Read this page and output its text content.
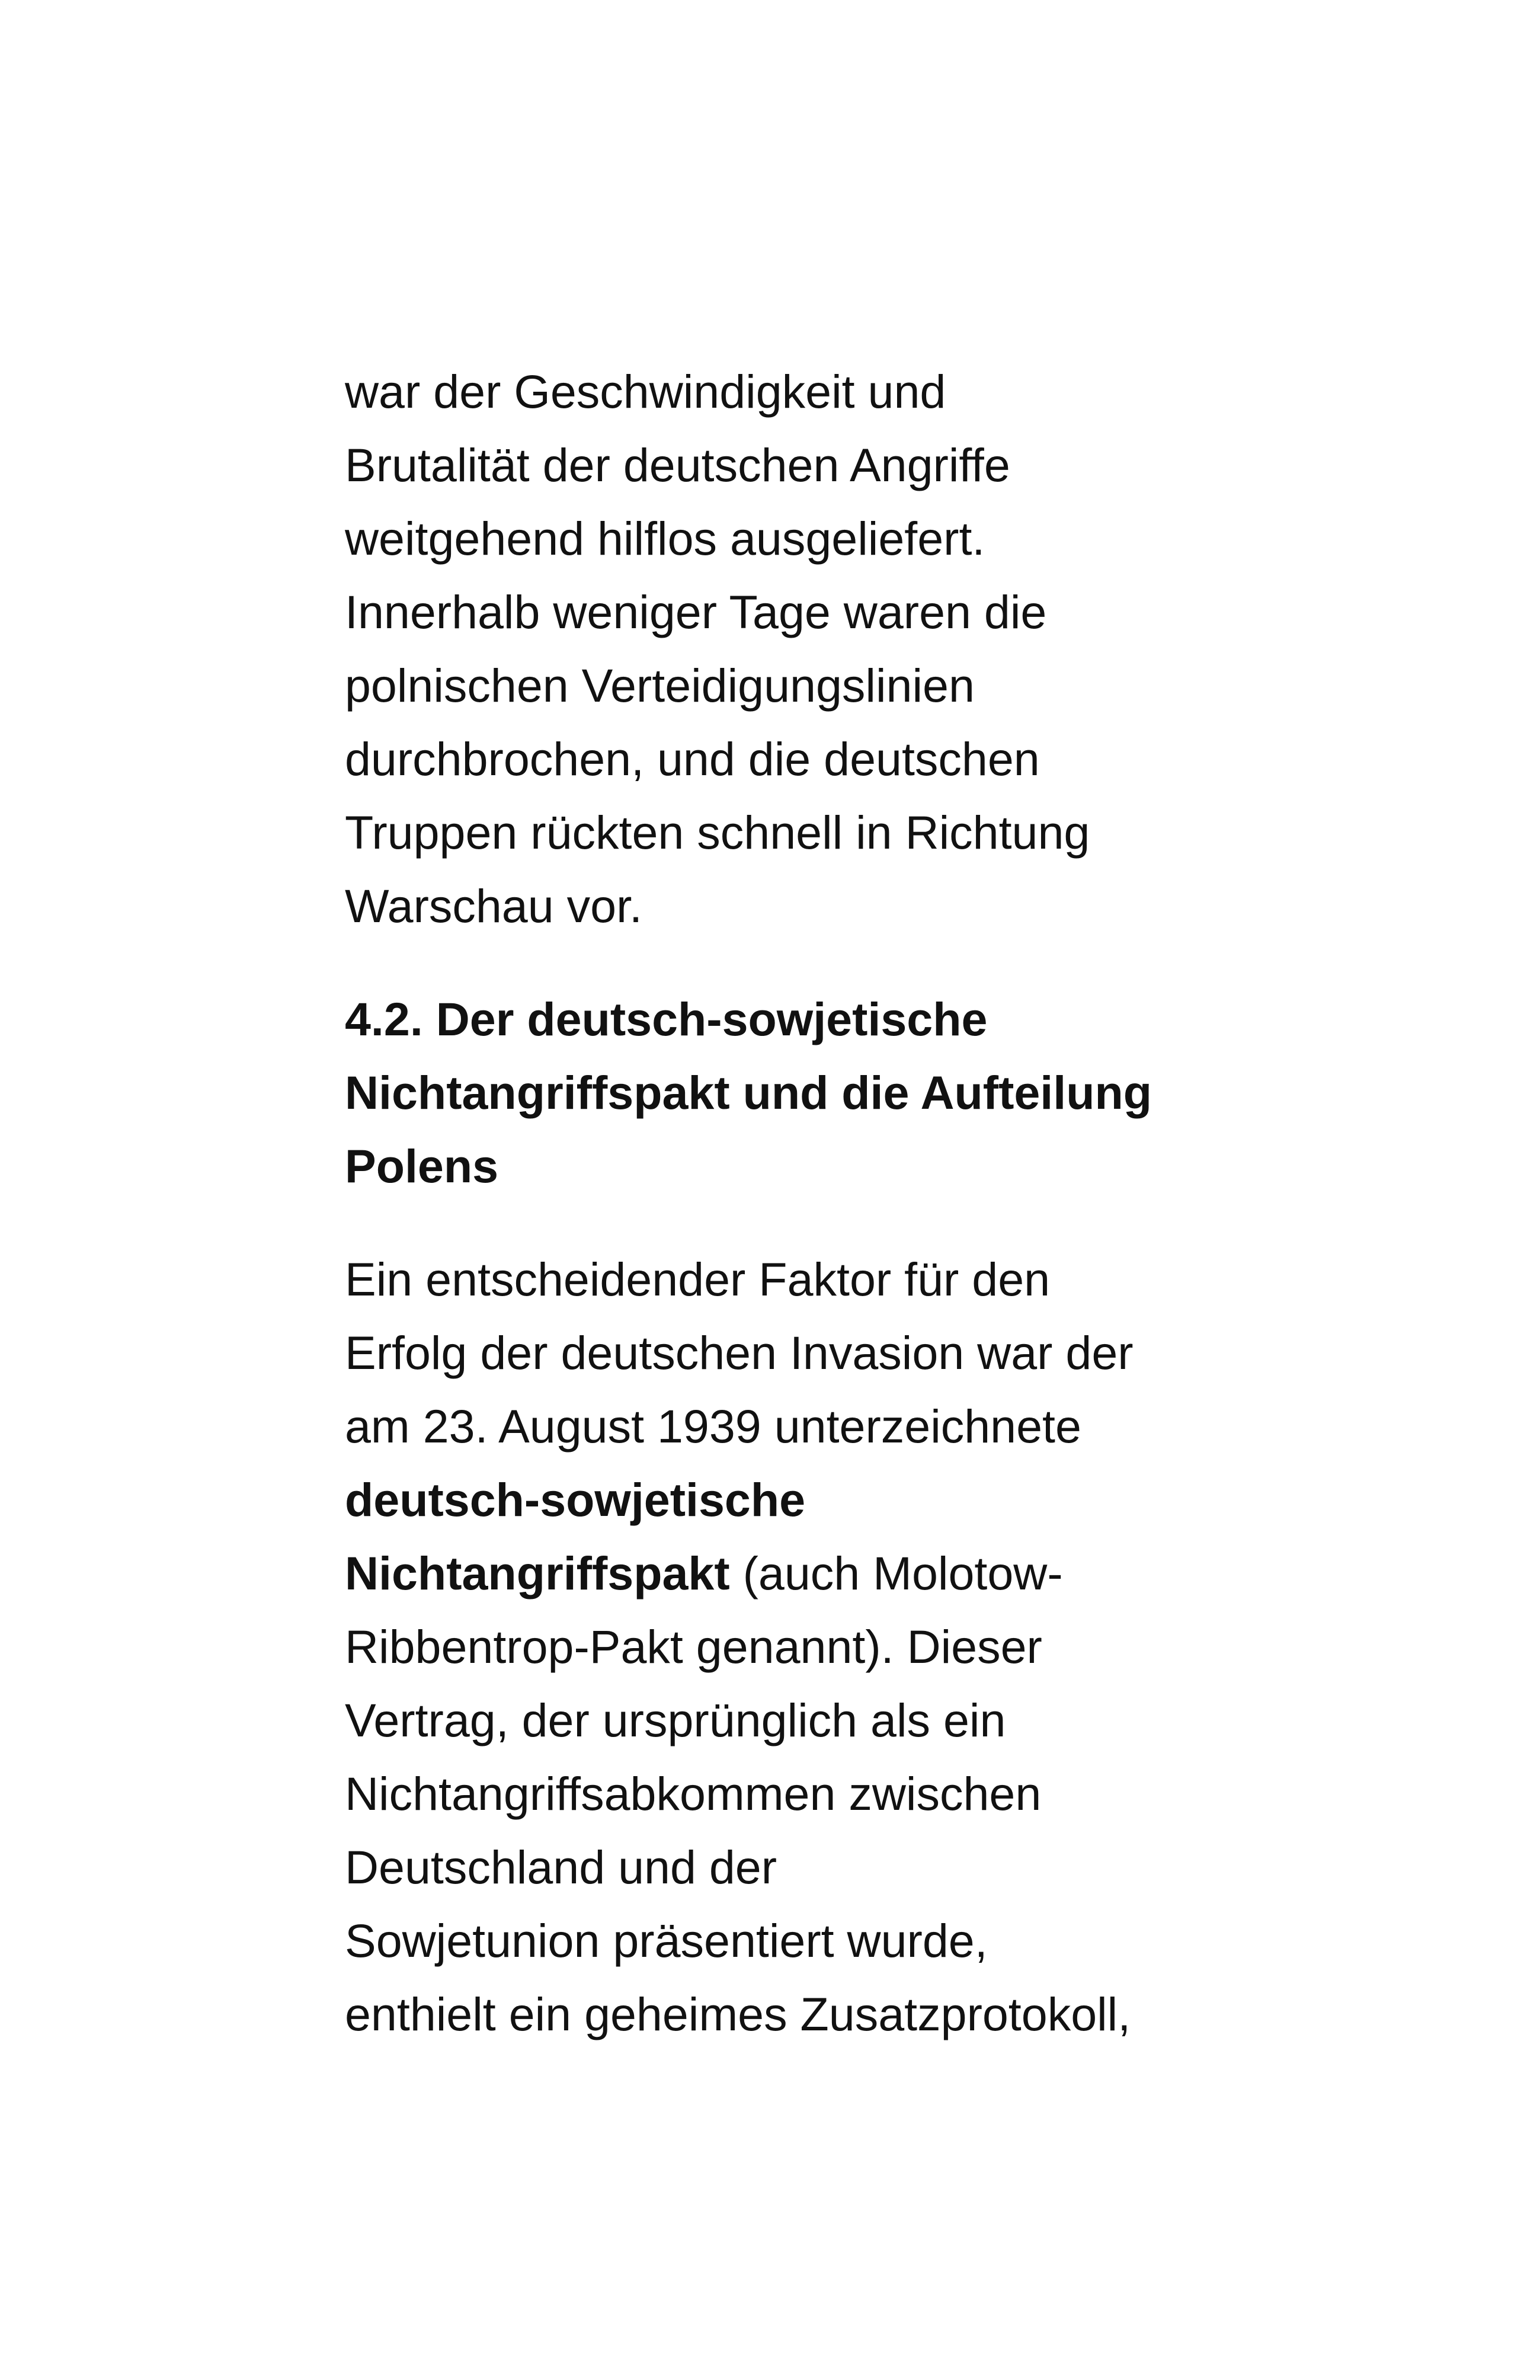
war der Geschwindigkeit und
Brutalität der deutschen Angriffe
weitgehend hilflos ausgeliefert.
Innerhalb weniger Tage waren die
polnischen Verteidigungslinien
durchbrochen, und die deutschen
Truppen rückten schnell in Richtung
Warschau vor.
4.2. Der deutsch-sowjetische
Nichtangriffspakt und die Aufteilung
Polens
Ein entscheidender Faktor für den
Erfolg der deutschen Invasion war der
am 23. August 1939 unterzeichnete
deutsch-sowjetische
Nichtangriffspakt (auch Molotow-
Ribbentrop-Pakt genannt). Dieser
Vertrag, der ursprünglich als ein
Nichtangriffsabkommen zwischen
Deutschland und der
Sowjetunion präsentiert wurde,
enthielt ein geheimes Zusatzprotokoll,
